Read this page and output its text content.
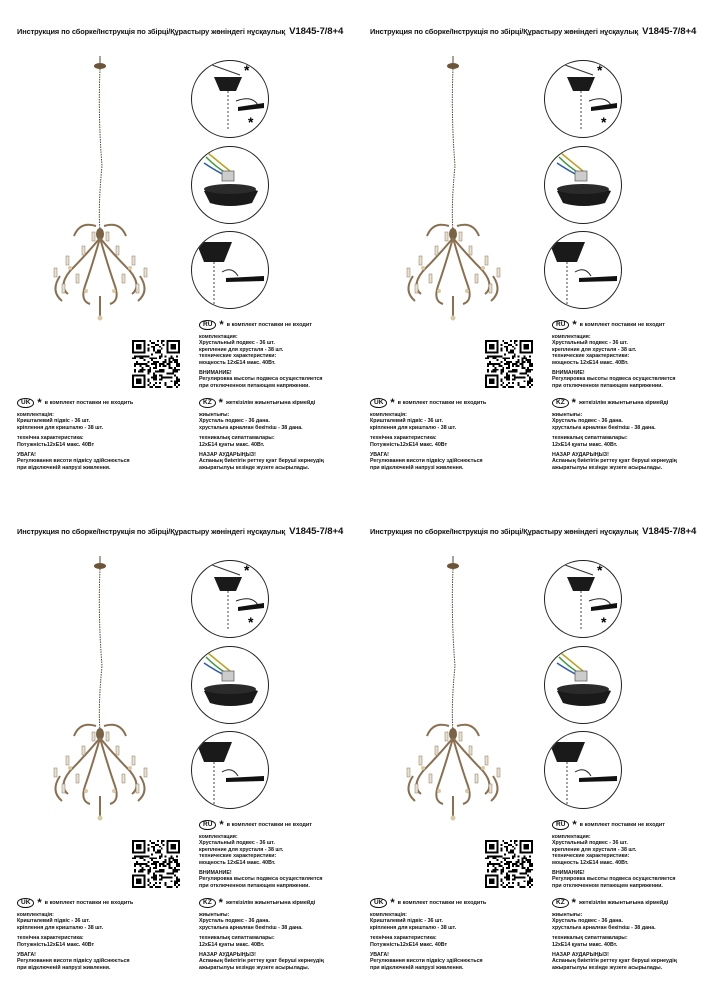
Инструкция по сборке/Інструкція по збірці/Құрастыру жөніндегі нұсқаулық V1845-7/8+4
*
*
RU * в комплект поставки не входит
комплектация:
Хрустальный подвес - 36 шт.
крепление для хрусталя - 38 шт.
технические характеристики:
мощность 12xE14 макс. 40Вт.
ВНИМАНИЕ!
Регулировка высоты подвеса осуществляется
при отключенном питающем напряжении.
KZ * жеткізілім жиынтығына кірмейді
жиынтығы:
Хрусталь подвес - 36 дана.
хрустальға арналған бекіткіш - 38 дана.
техникалық сипаттамалары:
12xE14 қуаты макс. 40Вт.
НАЗАР АУДАРЫҢЫЗ!
Аспаның биіктігін реттеу қуат беруші кернеудің
ажыратылуы кезінде жүзеге асырылады.
UK * в комплект поставки не входить
комплектація:
Кришталевий підвіс - 36 шт.
кріплення для кришталю - 38 шт.
технічна характеристика:
Потужність12xE14 макс. 40Вт
УВАГА!
Регулювання висоти підвісу здійснюється
при відключеній напрузі живлення.
Инструкция по сборке/Інструкція по збірці/Құрастыру жөніндегі нұсқаулық V1845-7/8+4
*
*
RU * в комплект поставки не входит
комплектация:
Хрустальный подвес - 36 шт.
крепление для хрусталя - 38 шт.
технические характеристики:
мощность 12xE14 макс. 40Вт.
ВНИМАНИЕ!
Регулировка высоты подвеса осуществляется
при отключенном питающем напряжении.
KZ * жеткізілім жиынтығына кірмейді
жиынтығы:
Хрусталь подвес - 36 дана.
хрустальға арналған бекіткіш - 38 дана.
техникалық сипаттамалары:
12xE14 қуаты макс. 40Вт.
НАЗАР АУДАРЫҢЫЗ!
Аспаның биіктігін реттеу қуат беруші кернеудің
ажыратылуы кезінде жүзеге асырылады.
UK * в комплект поставки не входить
комплектація:
Кришталевий підвіс - 36 шт.
кріплення для кришталю - 38 шт.
технічна характеристика:
Потужність12xE14 макс. 40Вт
УВАГА!
Регулювання висоти підвісу здійснюється
при відключеній напрузі живлення.
Инструкция по сборке/Інструкція по збірці/Құрастыру жөніндегі нұсқаулық V1845-7/8+4
*
*
RU * в комплект поставки не входит
комплектация:
Хрустальный подвес - 36 шт.
крепление для хрусталя - 38 шт.
технические характеристики:
мощность 12xE14 макс. 40Вт.
ВНИМАНИЕ!
Регулировка высоты подвеса осуществляется
при отключенном питающем напряжении.
KZ * жеткізілім жиынтығына кірмейді
жиынтығы:
Хрусталь подвес - 36 дана.
хрустальға арналған бекіткіш - 38 дана.
техникалық сипаттамалары:
12xE14 қуаты макс. 40Вт.
НАЗАР АУДАРЫҢЫЗ!
Аспаның биіктігін реттеу қуат беруші кернеудің
ажыратылуы кезінде жүзеге асырылады.
UK * в комплект поставки не входить
комплектація:
Кришталевий підвіс - 36 шт.
кріплення для кришталю - 38 шт.
технічна характеристика:
Потужність12xE14 макс. 40Вт
УВАГА!
Регулювання висоти підвісу здійснюється
при відключеній напрузі живлення.
Инструкция по сборке/Інструкція по збірці/Құрастыру жөніндегі нұсқаулық V1845-7/8+4
*
*
RU * в комплект поставки не входит
комплектация:
Хрустальный подвес - 36 шт.
крепление для хрусталя - 38 шт.
технические характеристики:
мощность 12xE14 макс. 40Вт.
ВНИМАНИЕ!
Регулировка высоты подвеса осуществляется
при отключенном питающем напряжении.
KZ * жеткізілім жиынтығына кірмейді
жиынтығы:
Хрусталь подвес - 36 дана.
хрустальға арналған бекіткіш - 38 дана.
техникалық сипаттамалары:
12xE14 қуаты макс. 40Вт.
НАЗАР АУДАРЫҢЫЗ!
Аспаның биіктігін реттеу қуат беруші кернеудің
ажыратылуы кезінде жүзеге асырылады.
UK * в комплект поставки не входить
комплектація:
Кришталевий підвіс - 36 шт.
кріплення для кришталю - 38 шт.
технічна характеристика:
Потужність12xE14 макс. 40Вт
УВАГА!
Регулювання висоти підвісу здійснюється
при відключеній напрузі живлення.
